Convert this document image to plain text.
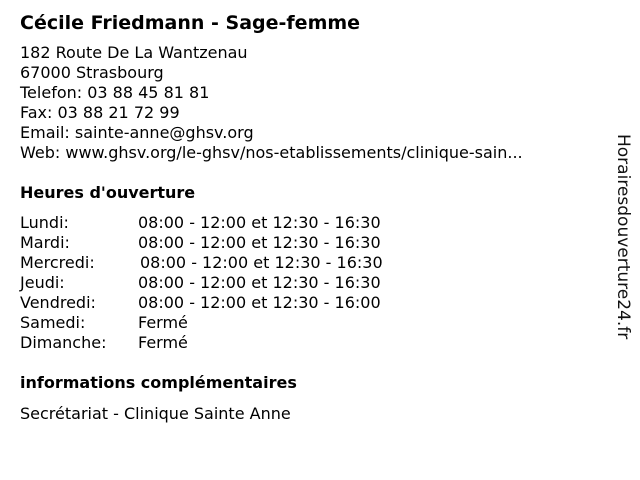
Cécile Friedmann - Sage-femme
182 Route De La Wantzenau
67000 Strasbourg
Telefon: 03 88 45 81 81
Fax: 03 88 21 72 99
Email: sainte-anne@ghsv.org
Web: www.ghsv.org/le-ghsv/nos-etablissements/clinique-sain...
Heures d'ouverture
Lundi:	08:00 - 12:00 et 12:30 - 16:30
Mardi:	08:00 - 12:00 et 12:30 - 16:30
Mercredi:	08:00 - 12:00 et 12:30 - 16:30
Jeudi:	08:00 - 12:00 et 12:30 - 16:30
Vendredi:	08:00 - 12:00 et 12:30 - 16:00
Samedi:	Fermé
Dimanche: Fermé
informations complémentaires
Secrétariat - Clinique Sainte Anne
Horairesdouverture24.fr
